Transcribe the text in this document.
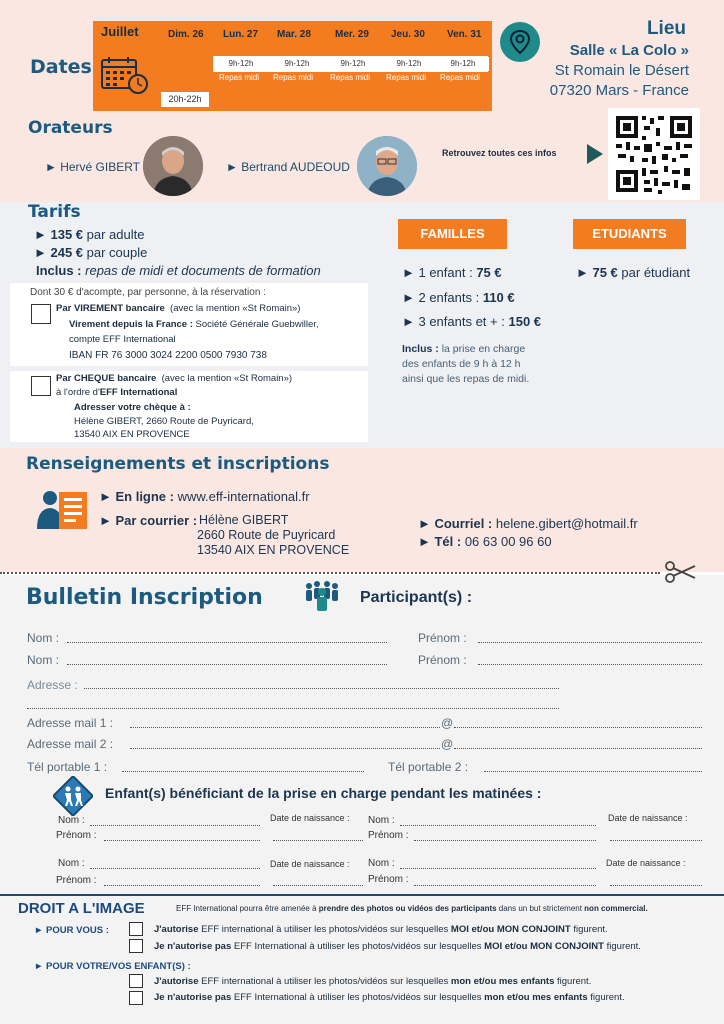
Dates
Juillet	Dim. 26 Lun. 27 Mar. 28 Mer. 29 Jeu. 30 Ven. 31
9h-12h	9h-12h	9h-12h	9h-12h	9h-12h
Repas midi Repas midi Repas midi Repas midi Repas midi
20h-22h
Lieu
Salle « La Colo »
St Romain le Désert
07320 Mars - France
Orateurs
► Hervé GIBERT	► Bertrand AUDEOUD
Retrouvez toutes ces infos
Tarifs
► 135 € par adulte
► 245 € par couple
Inclus : repas de midi et documents de formation
Dont 30 € d'acompte, par personne, à la réservation :
Par VIREMENT bancaire (avec la mention «St Romain»)
Virement depuis la France : Société Générale Guebwiller,
compte EFF International
IBAN FR 76 3000 3024 2200 0500 7930 738
Par CHEQUE bancaire (avec la mention «St Romain»)
à l'ordre d'EFF International
Adresser votre chèque à :
Hélène GIBERT, 2660 Route de Puyricard,
13540 AIX EN PROVENCE
FAMILLES
► 1 enfant : 75 €
► 2 enfants : 110 €
► 3 enfants et + : 150 €
Inclus : la prise en charge
des enfants de 9 h à 12 h
ainsi que les repas de midi.
ETUDIANTS
► 75 € par étudiant
Renseignements et inscriptions
► En ligne : www.eff-international.fr
► Par courrier : Hélène GIBERT
2660 Route de Puyricard
13540 AIX EN PROVENCE
► Courriel : helene.gibert@hotmail.fr
► Tél : 06 63 00 96 60
Bulletin Inscription	Participant(s) :
Nom :	Prénom :
Nom :	Prénom :
Adresse :
Adresse mail 1 :	@
Adresse mail 2 :	@
Tél portable 1 :	Tél portable 2 :
Enfant(s) bénéficiant de la prise en charge pendant les matinées :
Nom :
Prénom :
Date de naissance : Nom :
Prénom :
Date de naissance :
Nom :
Prénom :
Date de naissance : Nom :
Prénom :
Date de naissance :
DROIT A L'IMAGE	EFF International pourra être amenée à prendre des photos ou vidéos des participants dans un but strictement non commercial.
► POUR VOUS :	J'autorise EFF international à utiliser les photos/vidéos sur lesquelles MOI et/ou MON CONJOINT figurent.
Je n'autorise pas EFF International à utiliser les photos/vidéos sur lesquelles MOI et/ou MON CONJOINT figurent.
► POUR VOTRE/VOS ENFANT(S) :
J'autorise EFF international à utiliser les photos/vidéos sur lesquelles mon et/ou mes enfants figurent.
Je n'autorise pas EFF International à utiliser les photos/vidéos sur lesquelles mon et/ou mes enfants figurent.
